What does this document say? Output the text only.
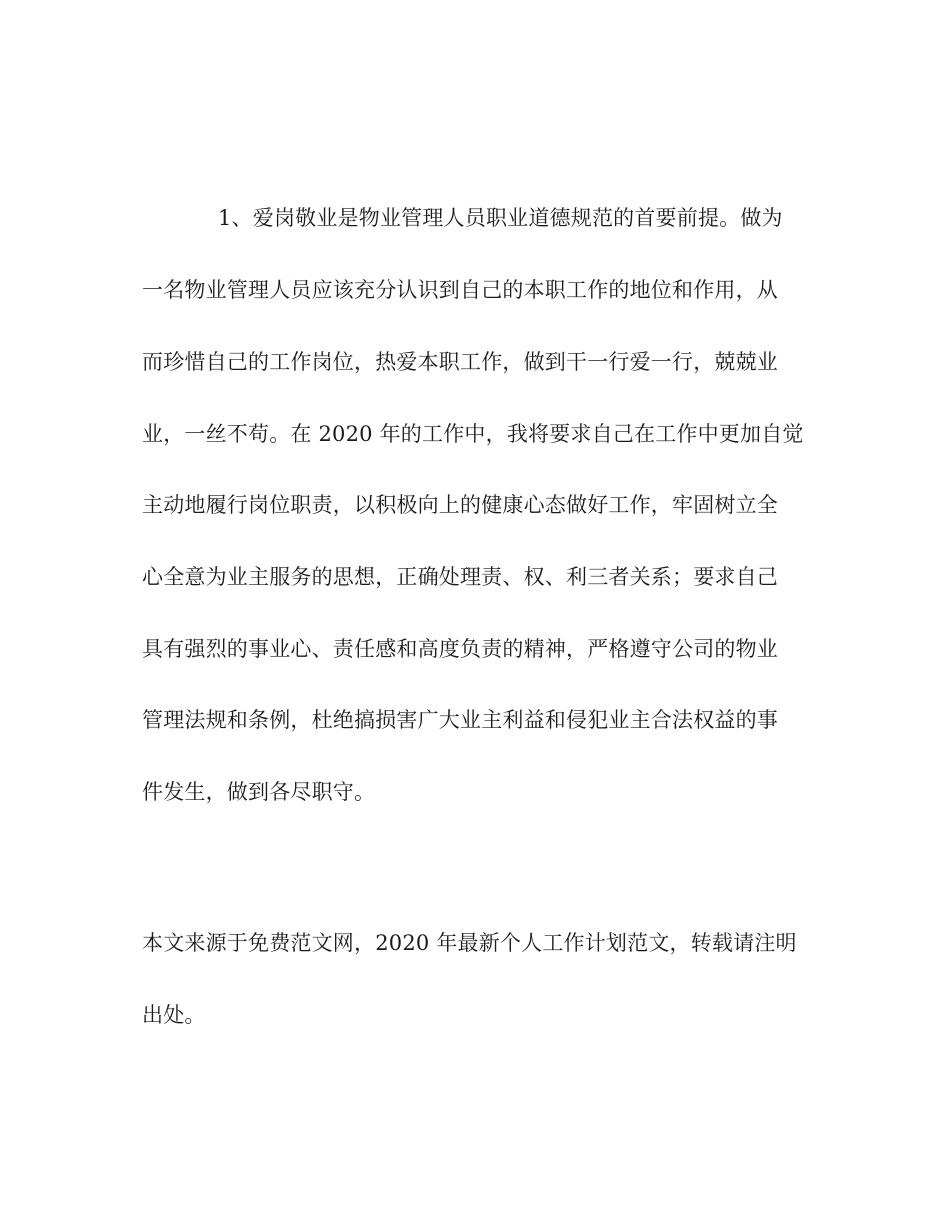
1、爱岗敬业是物业管理人员职业道德规范的首要前提。做为
一名物业管理人员应该充分认识到自己的本职工作的地位和作用，从
而珍惜自己的工作岗位，热爱本职工作，做到干一行爱一行，兢兢业
业，一丝不苟。在 2020 年的工作中，我将要求自己在工作中更加自觉
主动地履行岗位职责，以积极向上的健康心态做好工作，牢固树立全
心全意为业主服务的思想，正确处理责、权、利三者关系；要求自己
具有强烈的事业心、责任感和高度负责的精神，严格遵守公司的物业
管理法规和条例，杜绝搞损害广大业主利益和侵犯业主合法权益的事
件发生，做到各尽职守。
本文来源于免费范文网，2020 年最新个人工作计划范文，转载请注明
出处。
